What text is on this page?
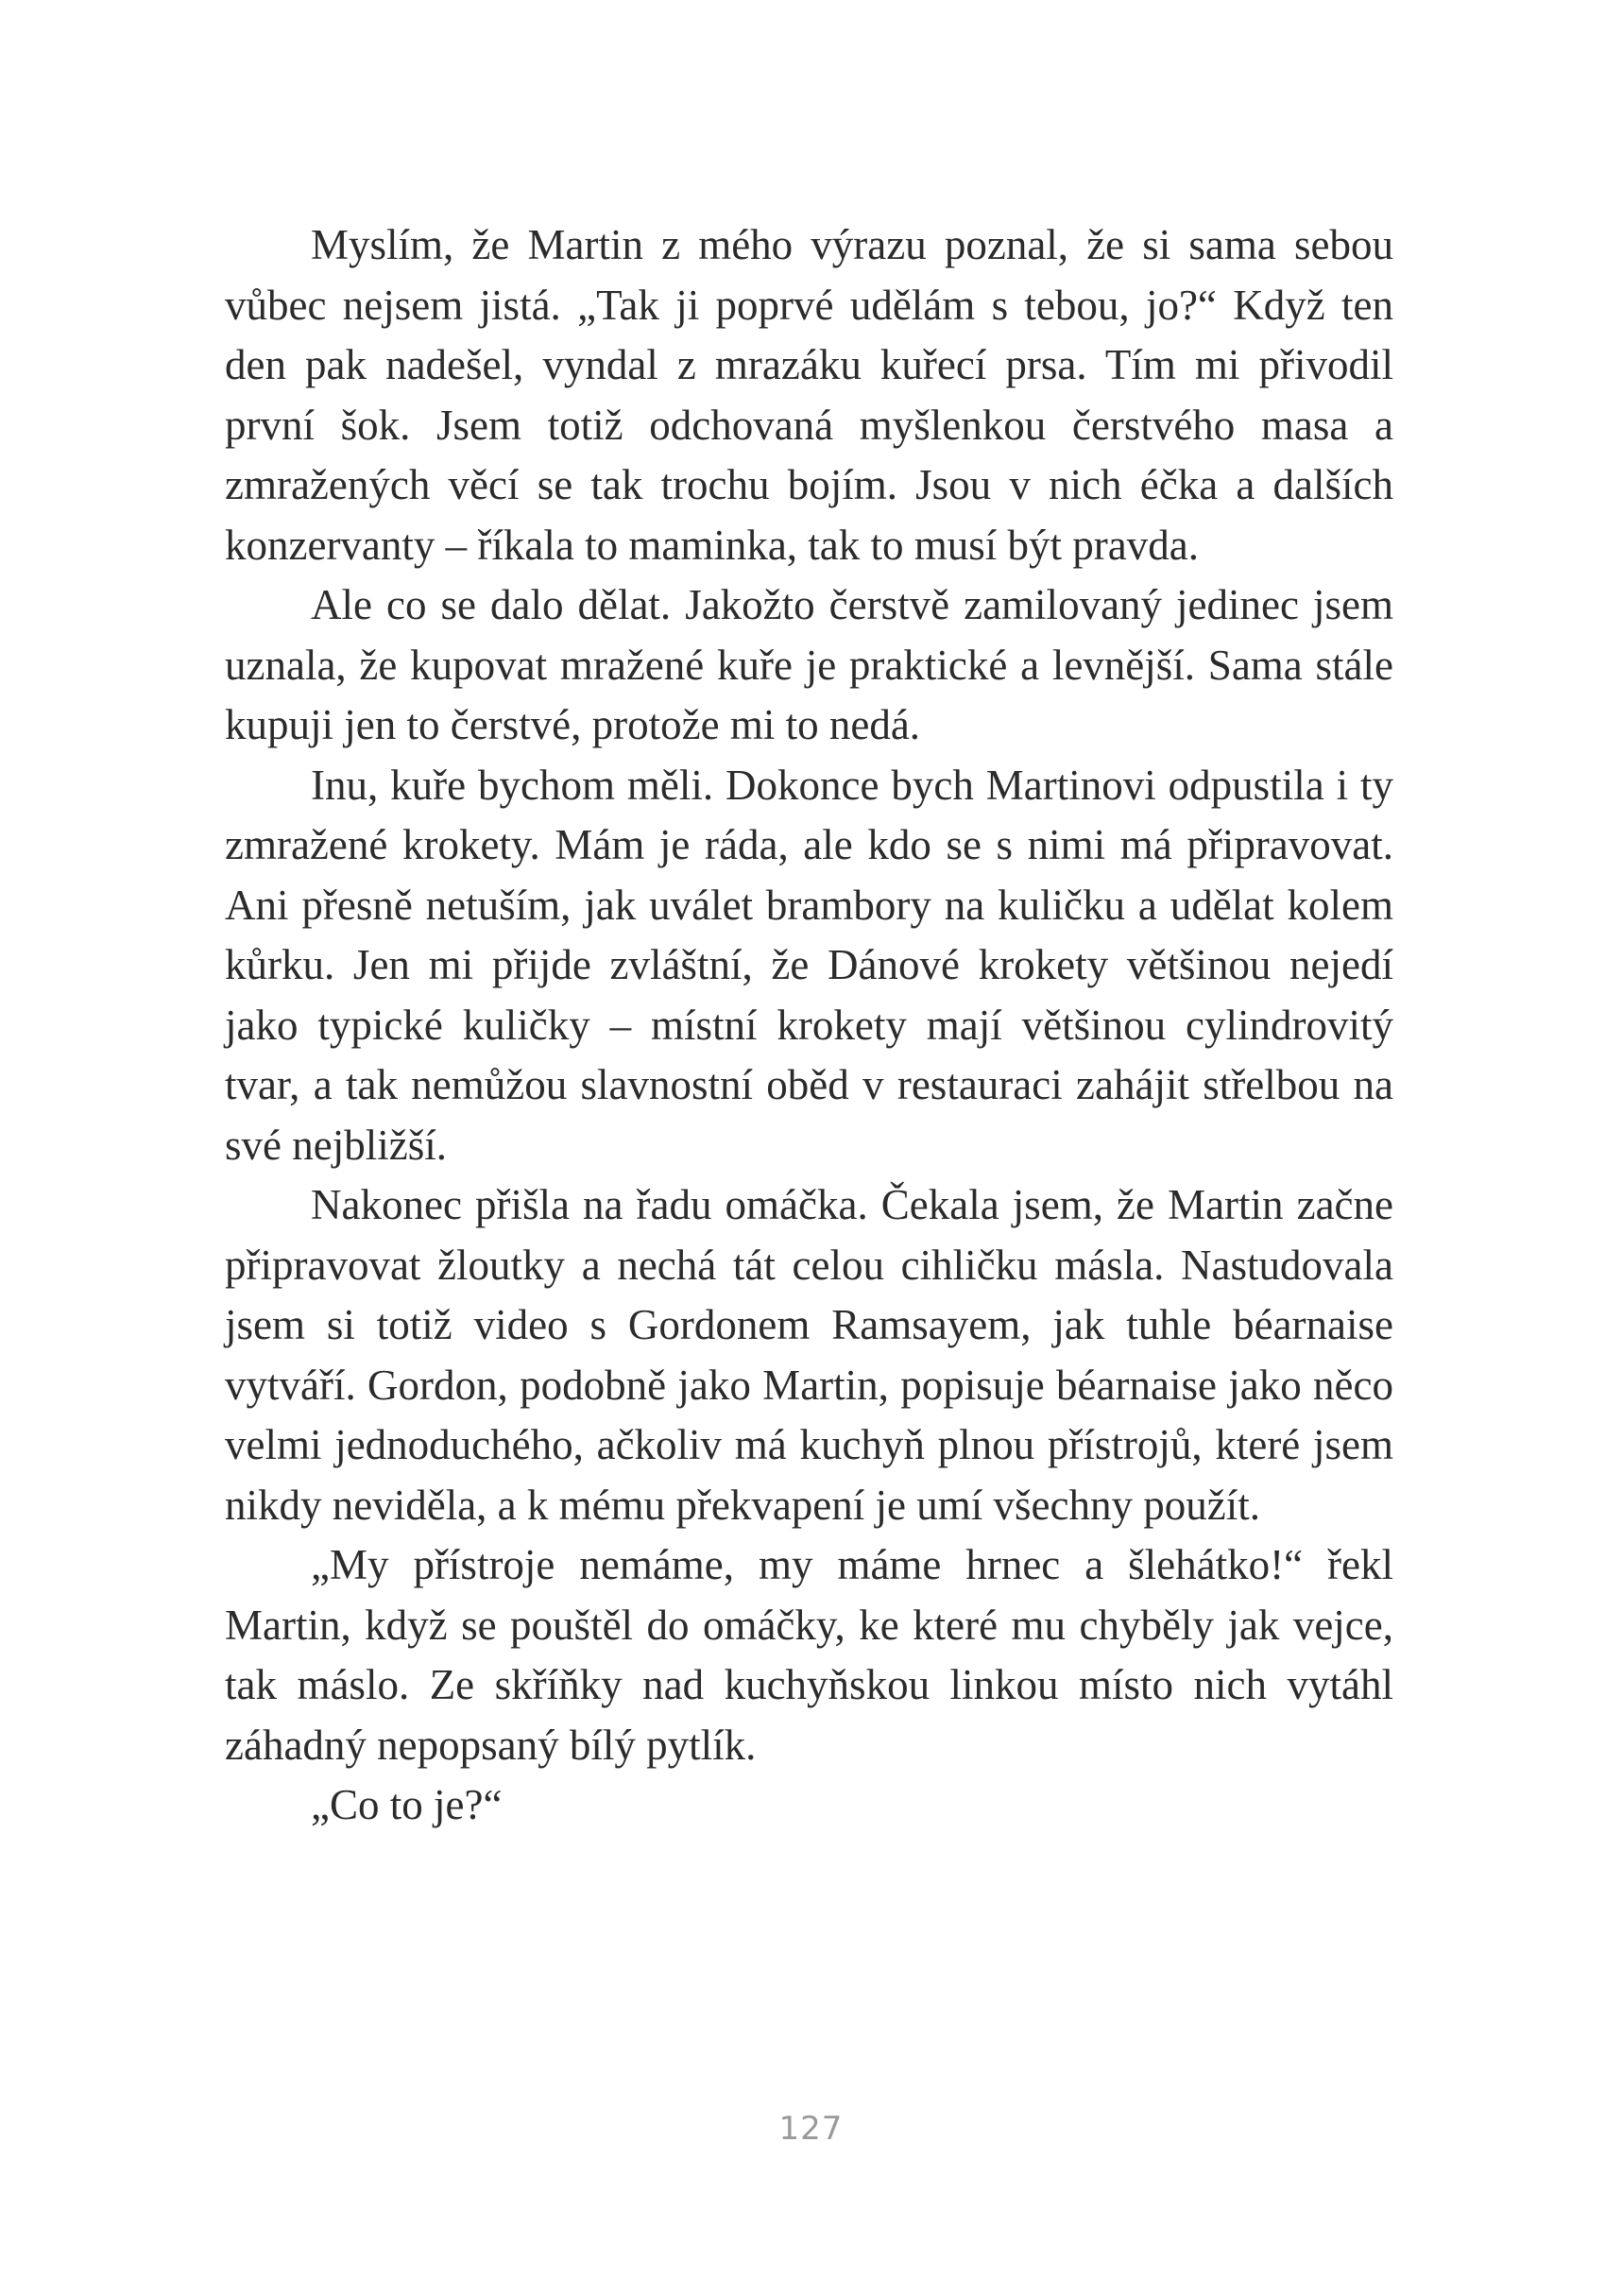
Myslím, že Martin z mého výrazu poznal, že si sama sebou vůbec nejsem jistá. „Tak ji poprvé udělám s tebou, jo?“ Když ten den pak nadešel, vyndal z mrazáku kuřecí prsa. Tím mi přivodil první šok. Jsem totiž odchovaná myšlenkou čerstvého masa a zmražených věcí se tak trochu bojím. Jsou v nich éčka a dalších konzervanty – říkala to maminka, tak to musí být pravda.

Ale co se dalo dělat. Jakožto čerstvě zamilovaný jedinec jsem uznala, že kupovat mražené kuře je praktické a levnější. Sama stále kupuji jen to čerstvé, protože mi to nedá.

Inu, kuře bychom měli. Dokonce bych Martinovi odpustila i ty zmražené krokety. Mám je ráda, ale kdo se s nimi má připravovat. Ani přesně netuším, jak uválet brambory na kuličku a udělat kolem kůrku. Jen mi přijde zvláštní, že Dánové krokety většinou nejedí jako typické kuličky – místní krokety mají většinou cylindrovitý tvar, a tak nemůžou slavnostní oběd v restauraci zahájit střelbou na své nejbližší.

Nakonec přišla na řadu omáčka. Čekala jsem, že Martin začne připravovat žloutky a nechá tát celou cihličku másla. Nastudovala jsem si totiž video s Gordonem Ramsayem, jak tuhle béarnaise vytváří. Gordon, podobně jako Martin, popisuje béarnaise jako něco velmi jednoduchého, ačkoliv má kuchyň plnou přístrojů, které jsem nikdy neviděla, a k mému překvapení je umí všechny použít.

„My přístroje nemáme, my máme hrnec a šlehátko!“ řekl Martin, když se pouštěl do omáčky, ke které mu chyběly jak vejce, tak máslo. Ze skříňky nad kuchyňskou linkou místo nich vytáhl záhadný nepopsaný bílý pytlík.

„Co to je?“

127
